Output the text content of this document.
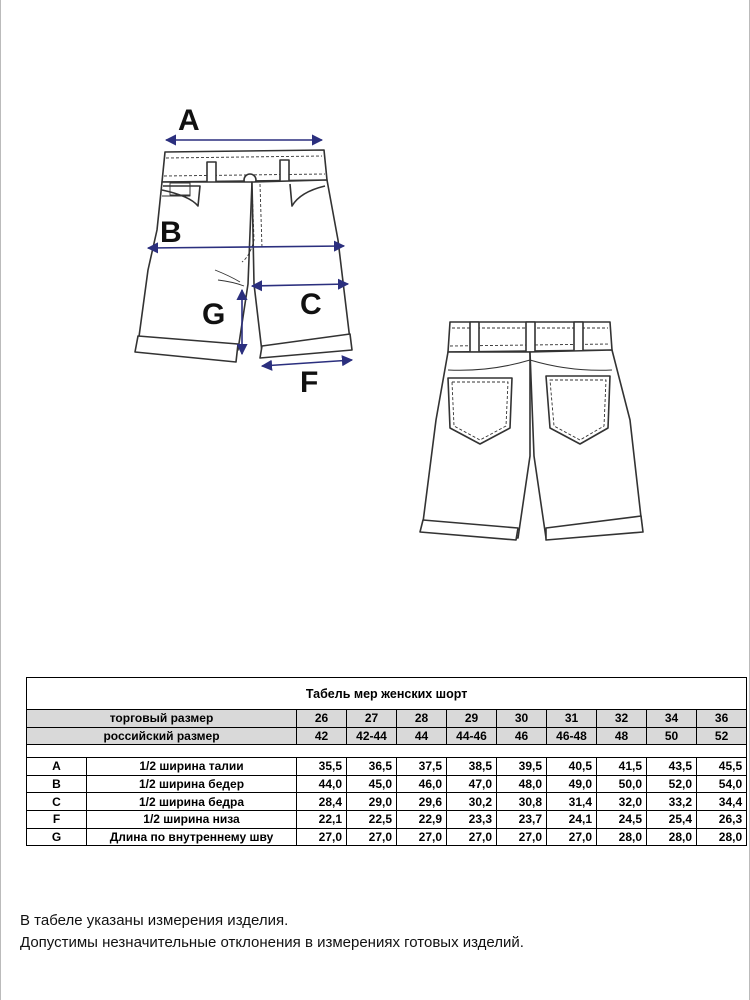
A
B
C
G
F
Табель мер женских шорт										
торговый размер		26	27	28	29	30	31	32	34	36
российский размер		42	42-44	44	44-46	46	46-48	48	50	52

A	1/2 ширина талии	35,5	36,5	37,5	38,5	39,5	40,5	41,5	43,5	45,5
B	1/2 ширина бедер	44,0	45,0	46,0	47,0	48,0	49,0	50,0	52,0	54,0
C	1/2 ширина бедра	28,4	29,0	29,6	30,2	30,8	31,4	32,0	33,2	34,4
F	1/2 ширина низа	22,1	22,5	22,9	23,3	23,7	24,1	24,5	25,4	26,3
G	Длина по внутреннему шву	27,0	27,0	27,0	27,0	27,0	27,0	28,0	28,0	28,0
В табеле указаны измерения изделия.
Допустимы незначительные отклонения в измерениях готовых изделий.
